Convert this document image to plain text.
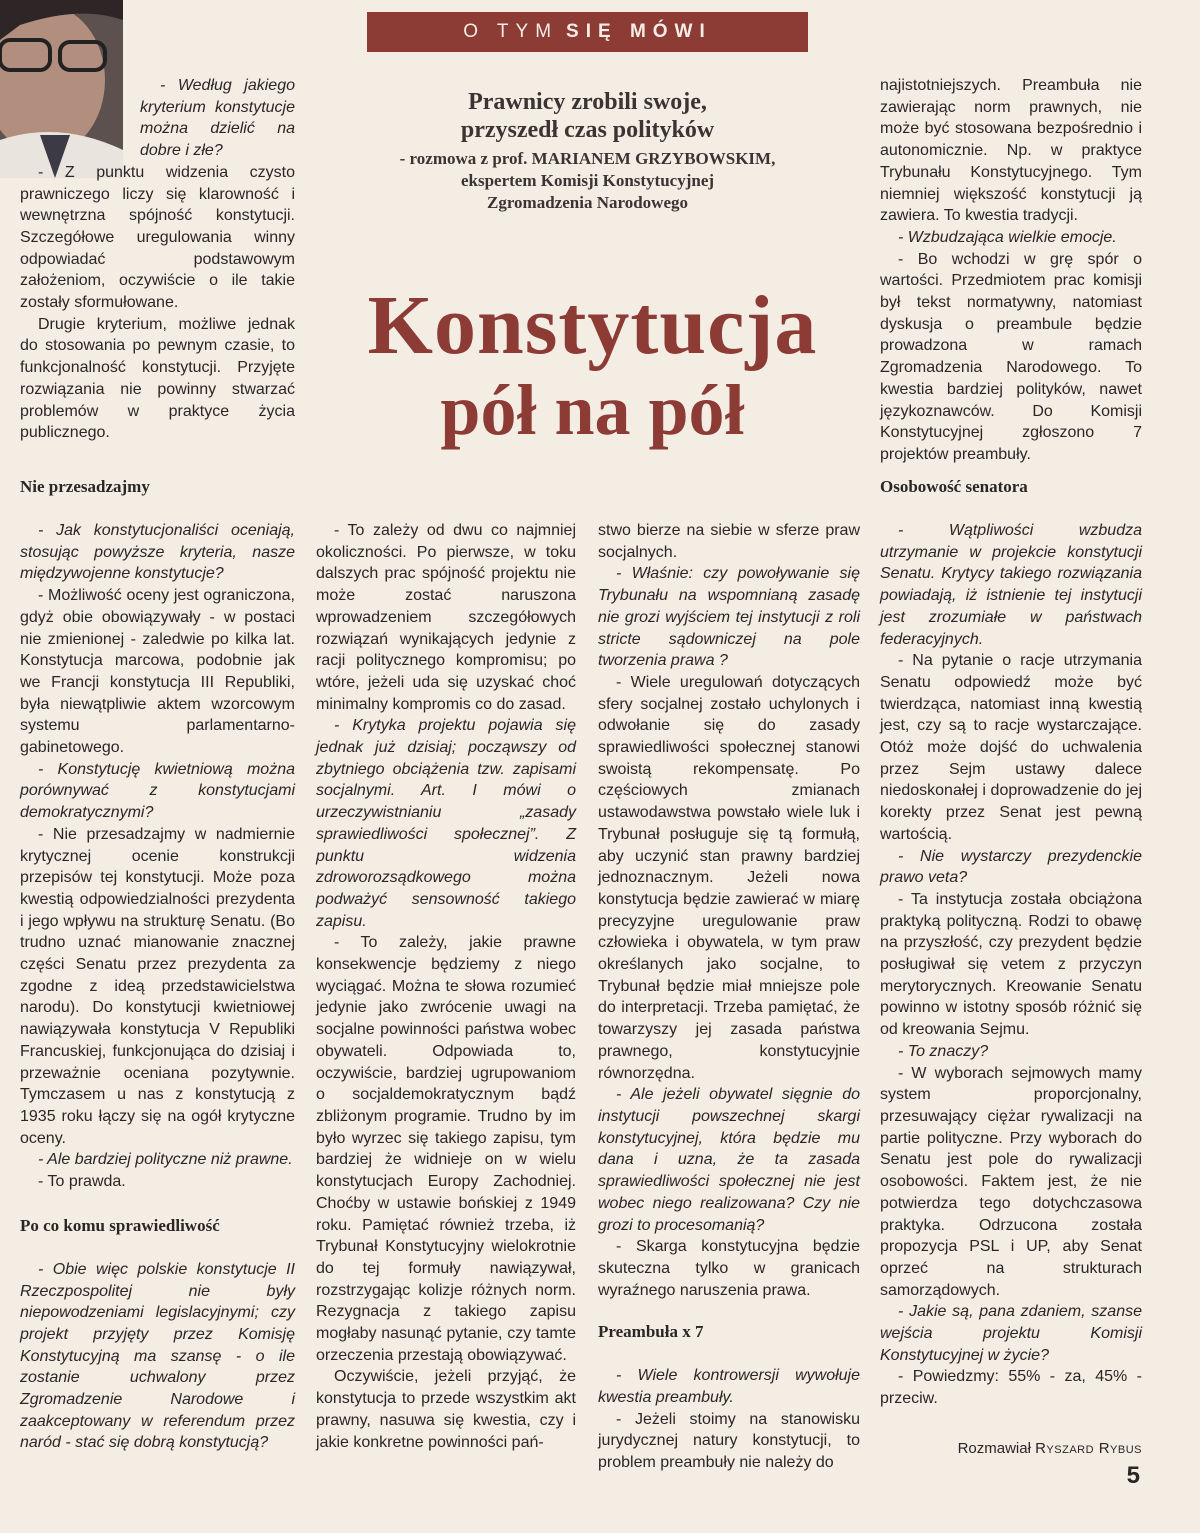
O TYM SIĘ MÓWI
Prawnicy zrobili swoje,
przyszedł czas polityków
- rozmowa z prof. MARIANEM GRZYBOWSKIM,
ekspertem Komisji Konstytucyjnej
Zgromadzenia Narodowego
Konstytucja
pół na pół

- Według jakiego kryterium konstytucje można dzielić na dobre i złe?

- Z punktu widzenia czysto prawniczego liczy się klarowność i wewnętrzna spójność konstytucji. Szczegółowe uregulowania winny odpowiadać podstawowym założeniom, oczywiście o ile takie zostały sformułowane.

Drugie kryterium, możliwe jednak do stosowania po pewnym czasie, to funkcjonalność konstytucji. Przyjęte rozwiązania nie powinny stwarzać problemów w praktyce życia publicznego.

Nie przesadzajmy

- Jak konstytucjonaliści oceniają, stosując powyższe kryteria, nasze międzywojenne konstytucje?

- Możliwość oceny jest ograniczona, gdyż obie obowiązywały - w postaci nie zmienionej - zaledwie po kilka lat. Konstytucja marcowa, podobnie jak we Francji konstytucja III Republiki, była niewątpliwie aktem wzorcowym systemu parlamentarno-gabinetowego.

- Konstytucję kwietniową można porównywać z konstytucjami demokratycznymi?

- Nie przesadzajmy w nadmiernie krytycznej ocenie konstrukcji przepisów tej konstytucji. Może poza kwestią odpowiedzialności prezydenta i jego wpływu na strukturę Senatu. (Bo trudno uznać mianowanie znacznej części Senatu przez prezydenta za zgodne z ideą przedstawicielstwa narodu). Do konstytucji kwietniowej nawiązywała konstytucja V Republiki Francuskiej, funkcjonująca do dzisiaj i przeważnie oceniana pozytywnie. Tymczasem u nas z konstytucją z 1935 roku łączy się na ogół krytyczne oceny.

- Ale bardziej polityczne niż prawne.

- To prawda.

Po co komu sprawiedliwość

- Obie więc polskie konstytucje II Rzeczpospolitej nie były niepowodzeniami legislacyjnymi; czy projekt przyjęty przez Komisję Konstytucyjną ma szansę - o ile zostanie uchwalony przez Zgromadzenie Narodowe i zaakceptowany w referendum przez naród - stać się dobrą konstytucją?

- To zależy od dwu co najmniej okoliczności. Po pierwsze, w toku dalszych prac spójność projektu nie może zostać naruszona wprowadzeniem szczegółowych rozwiązań wynikających jedynie z racji politycznego kompromisu; po wtóre, jeżeli uda się uzyskać choć minimalny kompromis co do zasad.

- Krytyka projektu pojawia się jednak już dzisiaj; począwszy od zbytniego obciążenia tzw. zapisami socjalnymi. Art. I mówi o urzeczywistnianiu „zasady sprawiedliwości społecznej”. Z punktu widzenia zdroworozsądkowego można podważyć sensowność takiego zapisu.

- To zależy, jakie prawne konsekwencje będziemy z niego wyciągać. Można te słowa rozumieć jedynie jako zwrócenie uwagi na socjalne powinności państwa wobec obywateli. Odpowiada to, oczywiście, bardziej ugrupowaniom o socjaldemokratycznym bądź zbliżonym programie. Trudno by im było wyrzec się takiego zapisu, tym bardziej że widnieje on w wielu konstytucjach Europy Zachodniej. Choćby w ustawie bońskiej z 1949 roku. Pamiętać również trzeba, iż Trybunał Konstytucyjny wielokrotnie do tej formuły nawiązywał, rozstrzygając kolizje różnych norm. Rezygnacja z takiego zapisu mogłaby nasunąć pytanie, czy tamte orzeczenia przestają obowiązywać.

Oczywiście, jeżeli przyjąć, że konstytucja to przede wszystkim akt prawny, nasuwa się kwestia, czy i jakie konkretne powinności pań-

stwo bierze na siebie w sferze praw socjalnych.

- Właśnie: czy powoływanie się Trybunału na wspomnianą zasadę nie grozi wyjściem tej instytucji z roli stricte sądowniczej na pole tworzenia prawa ?

- Wiele uregulowań dotyczących sfery socjalnej zostało uchylonych i odwołanie się do zasady sprawiedliwości społecznej stanowi swoistą rekompensatę. Po częściowych zmianach ustawodawstwa powstało wiele luk i Trybunał posługuje się tą formułą, aby uczynić stan prawny bardziej jednoznacznym. Jeżeli nowa konstytucja będzie zawierać w miarę precyzyjne uregulowanie praw człowieka i obywatela, w tym praw określanych jako socjalne, to Trybunał będzie miał mniejsze pole do interpretacji. Trzeba pamiętać, że towarzyszy jej zasada państwa prawnego, konstytucyjnie równorzędna.

- Ale jeżeli obywatel sięgnie do instytucji powszechnej skargi konstytucyjnej, która będzie mu dana i uzna, że ta zasada sprawiedliwości społecznej nie jest wobec niego realizowana? Czy nie grozi to procesomanią?

- Skarga konstytucyjna będzie skuteczna tylko w granicach wyraźnego naruszenia prawa.

Preambuła x 7

- Wiele kontrowersji wywołuje kwestia preambuły.

- Jeżeli stoimy na stanowisku jurydycznej natury konstytucji, to problem preambuły nie należy do

najistotniejszych. Preambuła nie zawierając norm prawnych, nie może być stosowana bezpośrednio i autonomicznie. Np. w praktyce Trybunału Konstytucyjnego. Tym niemniej większość konstytucji ją zawiera. To kwestia tradycji.

- Wzbudzająca wielkie emocje.

- Bo wchodzi w grę spór o wartości. Przedmiotem prac komisji był tekst normatywny, natomiast dyskusja o preambule będzie prowadzona w ramach Zgromadzenia Narodowego. To kwestia bardziej polityków, nawet językoznawców. Do Komisji Konstytucyjnej zgłoszono 7 projektów preambuły.

Osobowość senatora

- Wątpliwości wzbudza utrzymanie w projekcie konstytucji Senatu. Krytycy takiego rozwiązania powiadają, iż istnienie tej instytucji jest zrozumiałe w państwach federacyjnych.

- Na pytanie o racje utrzymania Senatu odpowiedź może być twierdząca, natomiast inną kwestią jest, czy są to racje wystarczające. Otóż może dojść do uchwalenia przez Sejm ustawy dalece niedoskonałej i doprowadzenie do jej korekty przez Senat jest pewną wartością.

- Nie wystarczy prezydenckie prawo veta?

- Ta instytucja została obciążona praktyką polityczną. Rodzi to obawę na przyszłość, czy prezydent będzie posługiwał się vetem z przyczyn merytorycznych. Kreowanie Senatu powinno w istotny sposób różnić się od kreowania Sejmu.

- To znaczy?

- W wyborach sejmowych mamy system proporcjonalny, przesuwający ciężar rywalizacji na partie polityczne. Przy wyborach do Senatu jest pole do rywalizacji osobowości. Faktem jest, że nie potwierdza tego dotychczasowa praktyka. Odrzucona została propozycja PSL i UP, aby Senat oprzeć na strukturach samorządowych.

- Jakie są, pana zdaniem, szanse wejścia projektu Komisji Konstytucyjnej w życie?

- Powiedzmy: 55% - za, 45% - przeciw.

Rozmawiał Ryszard Rybus
5
